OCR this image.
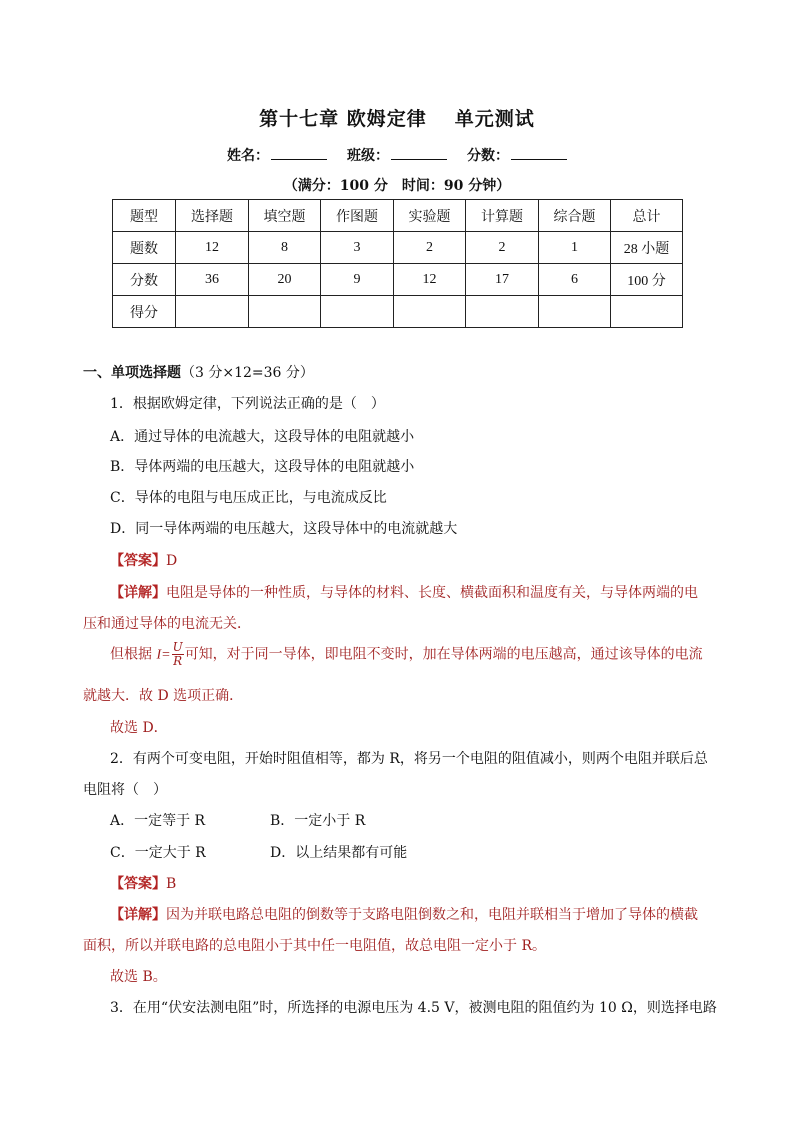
第十七章 欧姆定律 单元测试
姓名：	班级：	分数：
（满分：100 分　时间：90 分钟）
题型	选择题	填空题	作图题	实验题	计算题	综合题	总计
题数	12	8	3	2	2	1	28 小题
分数	36	20	9	12	17	6	100 分
得分							
一、单项选择题（3 分×12=36 分）
1．根据欧姆定律，下列说法正确的是（　）
A．通过导体的电流越大，这段导体的电阻就越小
B．导体两端的电压越大，这段导体的电阻就越小
C．导体的电阻与电压成正比，与电流成反比
D．同一导体两端的电压越大，这段导体中的电流就越大
【答案】D
【详解】电阻是导体的一种性质，与导体的材料、长度、横截面积和温度有关，与导体两端的电
压和通过导体的电流无关．
但根据 $I= \frac{U}{R}$ 可知，对于同一导体，即电阻不变时，加在导体两端的电压越高，通过该导体的电流
就越大．故 D 选项正确．
故选 D．
2．有两个可变电阻，开始时阻值相等，都为 R，将另一个电阻的阻值减小，则两个电阻并联后总
电阻将（　）
A．一定等于 R	B．一定小于 R
C．一定大于 R	D．以上结果都有可能
【答案】B
【详解】因为并联电路总电阻的倒数等于支路电阻倒数之和，电阻并联相当于增加了导体的横截
面积，所以并联电路的总电阻小于其中任一电阻值，故总电阻一定小于 R。
故选 B。
3．在用“伏安法测电阻”时，所选择的电源电压为 4.5 V，被测电阻的阻值约为 10 Ω，则选择电路
